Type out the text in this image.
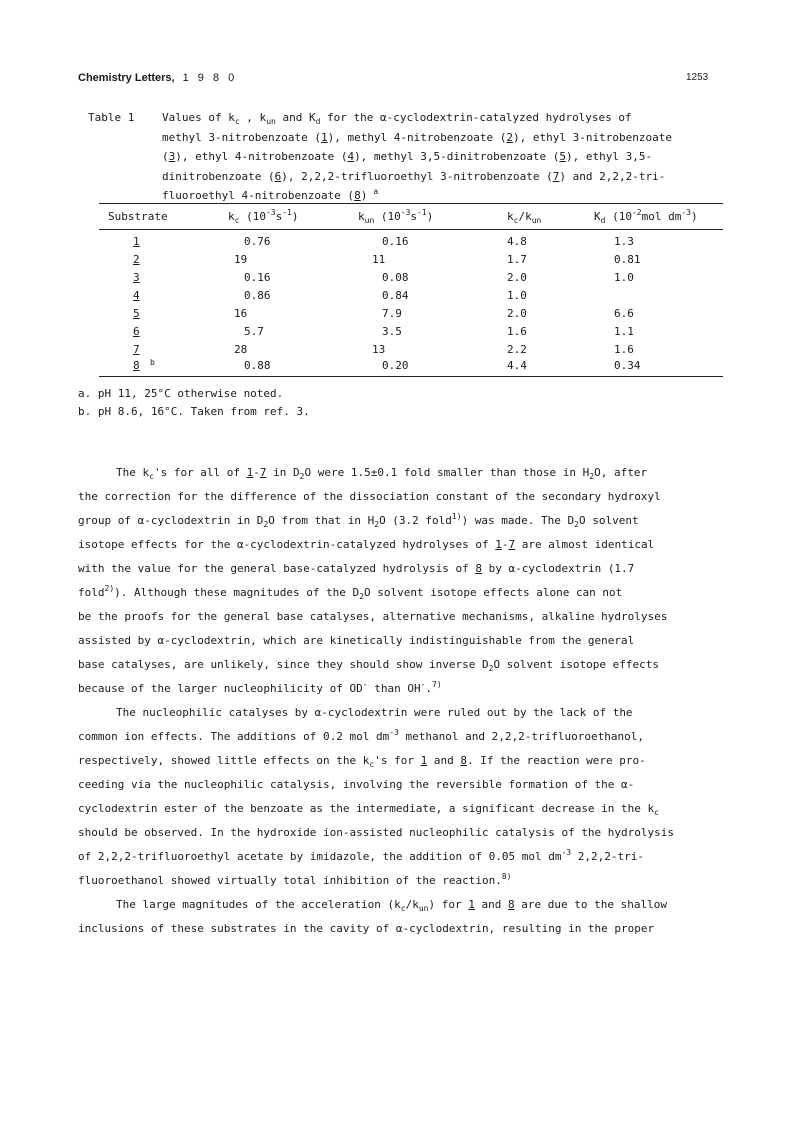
Chemistry Letters, 1 9 8 0	1253
Table 1	Values of $k_c$ , $k_{un}$ and $K_d$ for the α-cyclodextrin-catalyzed hydrolyses of
methyl 3-nitrobenzoate (1), methyl 4-nitrobenzoate (2), ethyl 3-nitrobenzoate
(3), ethyl 4-nitrobenzoate (4), methyl 3,5-dinitrobenzoate (5), ethyl 3,5-
dinitrobenzoate (6), 2,2,2-trifluoroethyl 3-nitrobenzoate (7) and 2,2,2-tri-
fluoroethyl 4-nitrobenzoate (8) $^a$
Substrate	$k_c$ $(10^{-3}s^{-1})$	$k_{un}$ $(10^{-3}s^{-1})$	$k_c/k_{un}$	$K_d$ ($10^{-2}mol$ $dm^{-3}$)
1	0.76	0.16	4.8	1.3
2	19	11	1.7	0.81
3	0.16	0.08	2.0	1.0
4	0.86	0.84	1.0
5	16	7.9	2.0	6.6
6	5.7	3.5	1.6	1.1
7	28	13	2.2	1.6
8 b	0.88	0.20	4.4	0.34
a. pH 11, 25°C otherwise noted.
b. pH 8.6, 16°C. Taken from ref. 3.
The $k_c's$ for all of 1-7 in $D_2O$ were 1.5±0.1 fold smaller than those in $H_2O$, after
the correction for the difference of the dissociation constant of the secondary hydroxyl
group of α-cyclodextrin in $D_2O$ from that in $H_2O$ (3.2 fold$^{1)}$) was made. The $D_2O$ solvent
isotope effects for the α-cyclodextrin-catalyzed hydrolyses of 1-7 are almost identical
with the value for the general base-catalyzed hydrolysis of 8 by α-cyclodextrin (1.7
fold$^{2)}$). Although these magnitudes of the $D_2O$ solvent isotope effects alone can not
be the proofs for the general base catalyses, alternative mechanisms, alkaline hydrolyses
assisted by α-cyclodextrin, which are kinetically indistinguishable from the general
base catalyses, are unlikely, since they should show inverse $D_2O$ solvent isotope effects
because of the larger nucleophilicity of OD- than OH-.$^{7)}$
The nucleophilic catalyses by α-cyclodextrin were ruled out by the lack of the
common ion effects. The additions of 0.2 mol $dm^{-3}$ methanol and 2,2,2-trifluoroethanol,
respectively, showed little effects on the $k_c's$ for 1 and 8. If the reaction were pro-
ceeding via the nucleophilic catalysis, involving the reversible formation of the α-
cyclodextrin ester of the benzoate as the intermediate, a significant decrease in the $k_c$
should be observed. In the hydroxide ion-assisted nucleophilic catalysis of the hydrolysis
of 2,2,2-trifluoroethyl acetate by imidazole, the addition of 0.05 mol $dm^{-3}$ 2,2,2-tri-
fluoroethanol showed virtually total inhibition of the reaction.$^{8)}$
The large magnitudes of the acceleration $(k_c/k_{un})$ for 1 and 8 are due to the shallow
inclusions of these substrates in the cavity of α-cyclodextrin, resulting in the proper
